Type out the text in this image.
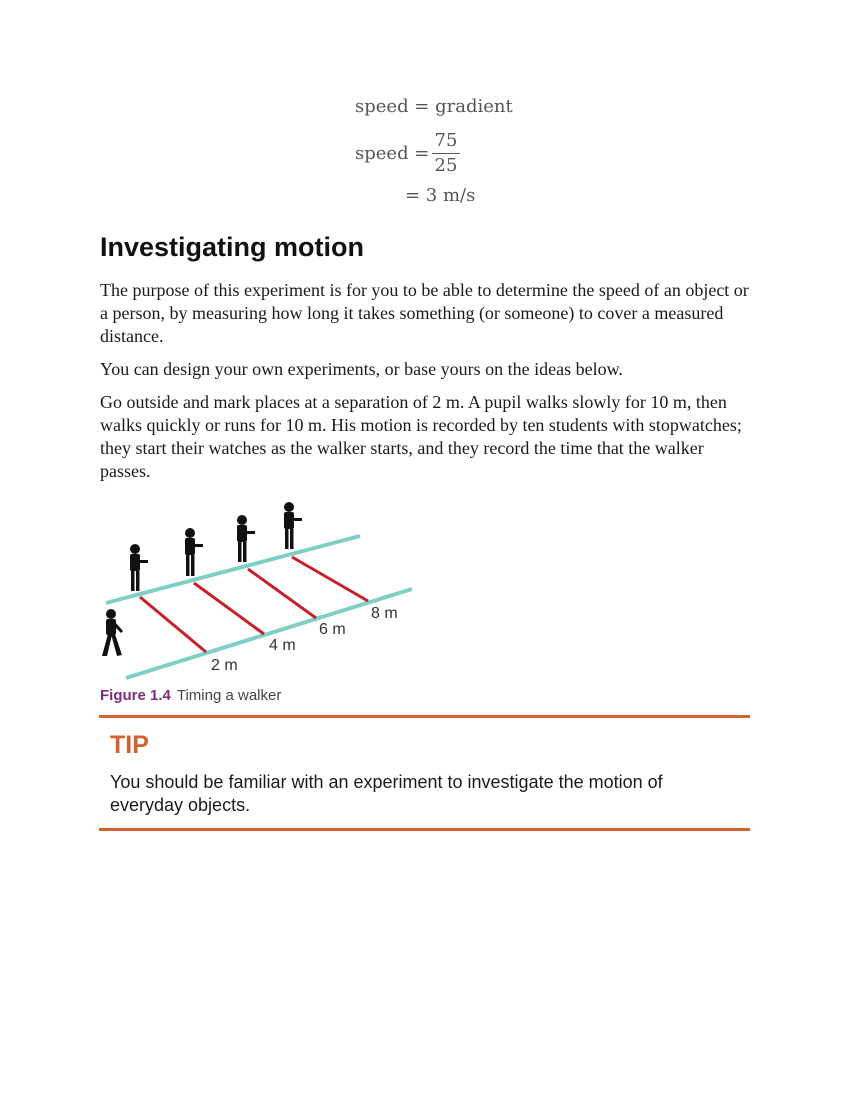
speed = gradient
speed =
75
25
= 3 m/s
Investigating motion

The purpose of this experiment is for you to be able to determine the speed of an object or a person, by measuring how long it takes something (or someone) to cover a measured distance.

You can design your own experiments, or base yours on the ideas below.

Go outside and mark places at a separation of 2 m. A pupil walks slowly for 10 m, then walks quickly or runs for 10 m. His motion is recorded by ten students with stopwatches; they start their watches as the walker starts, and they record the time that the walker passes.

2 m
4 m
6 m
8 m
Figure 1.4 Timing a walker
TIP
You should be familiar with an experiment to investigate the motion of everyday objects.
